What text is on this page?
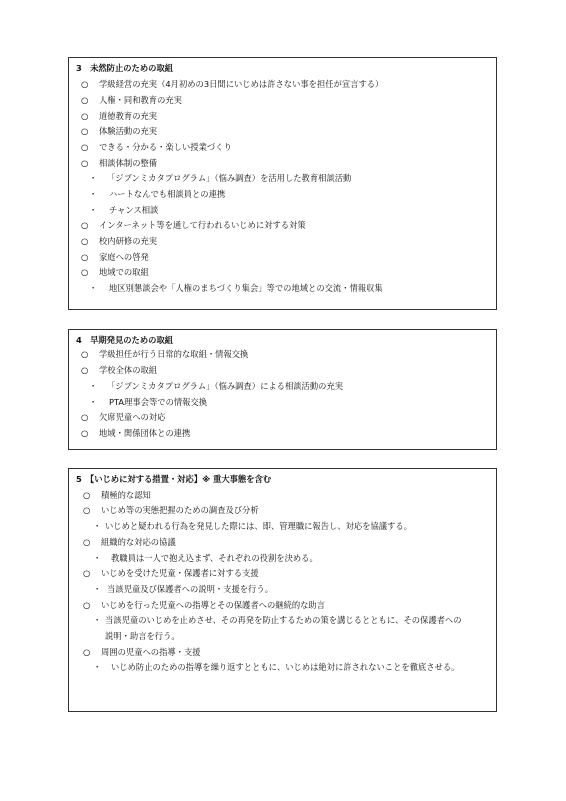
3　未然防止のための取組
○ 学級経営の充実（4月初めの3日間にいじめは許さない事を担任が宣言する）
○ 人権・同和教育の充実
○ 道徳教育の充実
○ 体験活動の充実
○ できる・分かる・楽しい授業づくり
○ 相談体制の整備
・ 「ジブンミカタプログラム」（悩み調査）を活用した教育相談活動
・ ハートなんでも相談員との連携
・ チャンス相談
○ インターネット等を通して行われるいじめに対する対策
○ 校内研修の充実
○ 家庭への啓発
○ 地域での取組
・ 地区別懇談会や「人権のまちづくり集会」等での地域との交流・情報収集
4　早期発見のための取組
○ 学級担任が行う日常的な取組・情報交換
○ 学校全体の取組
・ 「ジブンミカタプログラム」（悩み調査）による相談活動の充実
・ PTA理事会等での情報交換
○ 欠席児童への対応
○ 地域・関係団体との連携
5　【いじめに対する措置・対応】※ 重大事態を含む
○ 積極的な認知
○ いじめ等の実態把握のための調査及び分析
・ いじめと疑われる行為を発見した際には、即、管理職に報告し、対応を協議する。
○ 組織的な対応の協議
・ 教職員は一人で抱え込まず、それぞれの役割を決める。
○ いじめを受けた児童・保護者に対する支援
・ 当該児童及び保護者への説明・支援を行う。
○ いじめを行った児童への指導とその保護者への継続的な助言
・ 当該児童のいじめを止めさせ、その再発を防止するための策を講じるとともに、その保護者への
説明・助言を行う。
○ 周囲の児童への指導・支援
・ いじめ防止のための指導を繰り返すとともに、いじめは絶対に許されないことを徹底させる。
